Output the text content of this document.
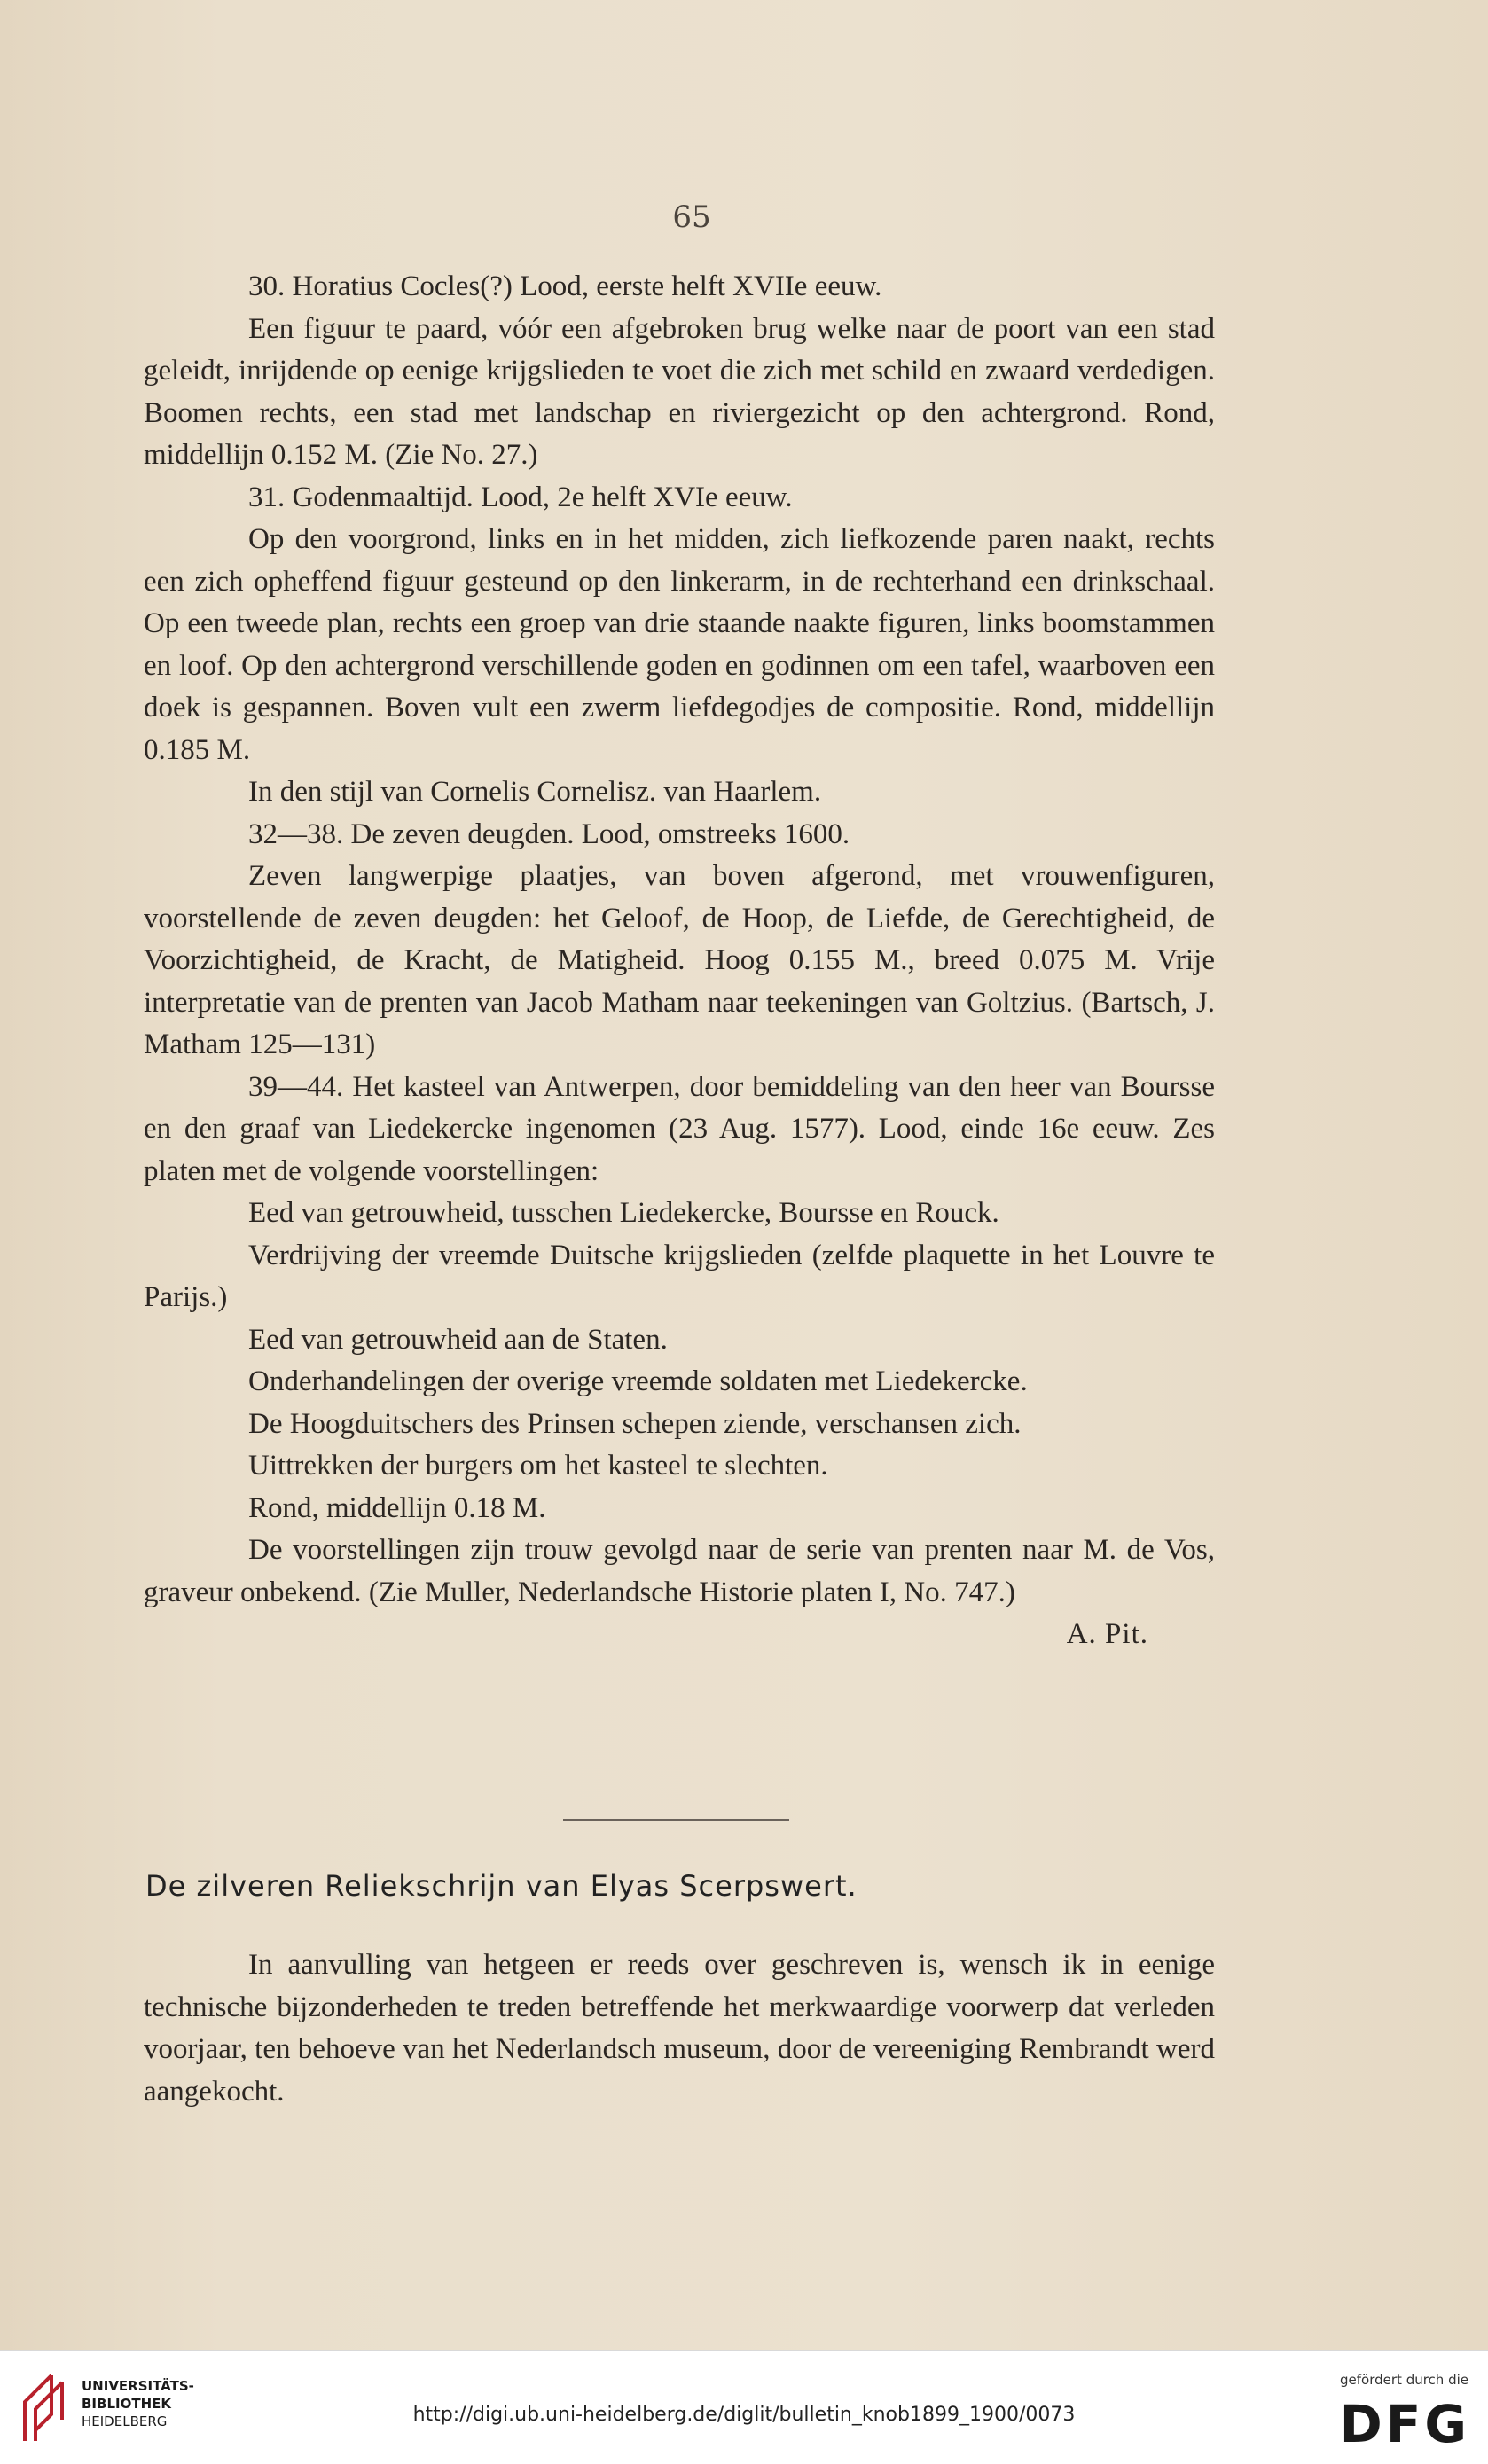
65

30. Horatius Cocles(?) Lood, eerste helft XVIIe eeuw.

Een figuur te paard, vóór een afgebroken brug welke naar de poort van een stad geleidt, inrijdende op eenige krijgslieden te voet die zich met schild en zwaard verdedigen. Boomen rechts, een stad met landschap en riviergezicht op den achtergrond. Rond, middellijn 0.152 M. (Zie No. 27.)

31. Godenmaaltijd. Lood, 2e helft XVIe eeuw.

Op den voorgrond, links en in het midden, zich liefkozende paren naakt, rechts een zich opheffend figuur gesteund op den linkerarm, in de rechterhand een drinkschaal. Op een tweede plan, rechts een groep van drie staande naakte figuren, links boomstammen en loof. Op den achtergrond verschillende goden en godinnen om een tafel, waarboven een doek is gespannen. Boven vult een zwerm liefdegodjes de compositie. Rond, middellijn 0.185 M.

In den stijl van Cornelis Cornelisz. van Haarlem.

32—38. De zeven deugden. Lood, omstreeks 1600.

Zeven langwerpige plaatjes, van boven afgerond, met vrouwenfiguren, voorstellende de zeven deugden: het Geloof, de Hoop, de Liefde, de Gerechtigheid, de Voorzichtigheid, de Kracht, de Matigheid. Hoog 0.155 M., breed 0.075 M. Vrije interpretatie van de prenten van Jacob Matham naar teekeningen van Goltzius. (Bartsch, J. Matham 125—131)

39—44. Het kasteel van Antwerpen, door bemiddeling van den heer van Boursse en den graaf van Liedekercke ingenomen (23 Aug. 1577). Lood, einde 16e eeuw. Zes platen met de volgende voorstellingen:

Eed van getrouwheid, tusschen Liedekercke, Boursse en Rouck.

Verdrijving der vreemde Duitsche krijgslieden (zelfde plaquette in het Louvre te Parijs.)

Eed van getrouwheid aan de Staten.

Onderhandelingen der overige vreemde soldaten met Liedekercke.

De Hoogduitschers des Prinsen schepen ziende, verschansen zich.

Uittrekken der burgers om het kasteel te slechten.

Rond, middellijn 0.18 M.

De voorstellingen zijn trouw gevolgd naar de serie van prenten naar M. de Vos, graveur onbekend. (Zie Muller, Nederlandsche Historie platen I, No. 747.)

A. Pit.

De zilveren Reliekschrijn van Elyas Scerpswert.

In aanvulling van hetgeen er reeds over geschreven is, wensch ik in eenige technische bijzonderheden te treden betreffende het merkwaardige voorwerp dat verleden voorjaar, ten behoeve van het Nederlandsch museum, door de vereeniging Rembrandt werd aangekocht.

UNIVERSITÄTS-
BIBLIOTHEK
HEIDELBERG	http://digi.ub.uni-heidelberg.de/diglit/bulletin_knob1899_1900/0073
gefördert durch die
DFG
